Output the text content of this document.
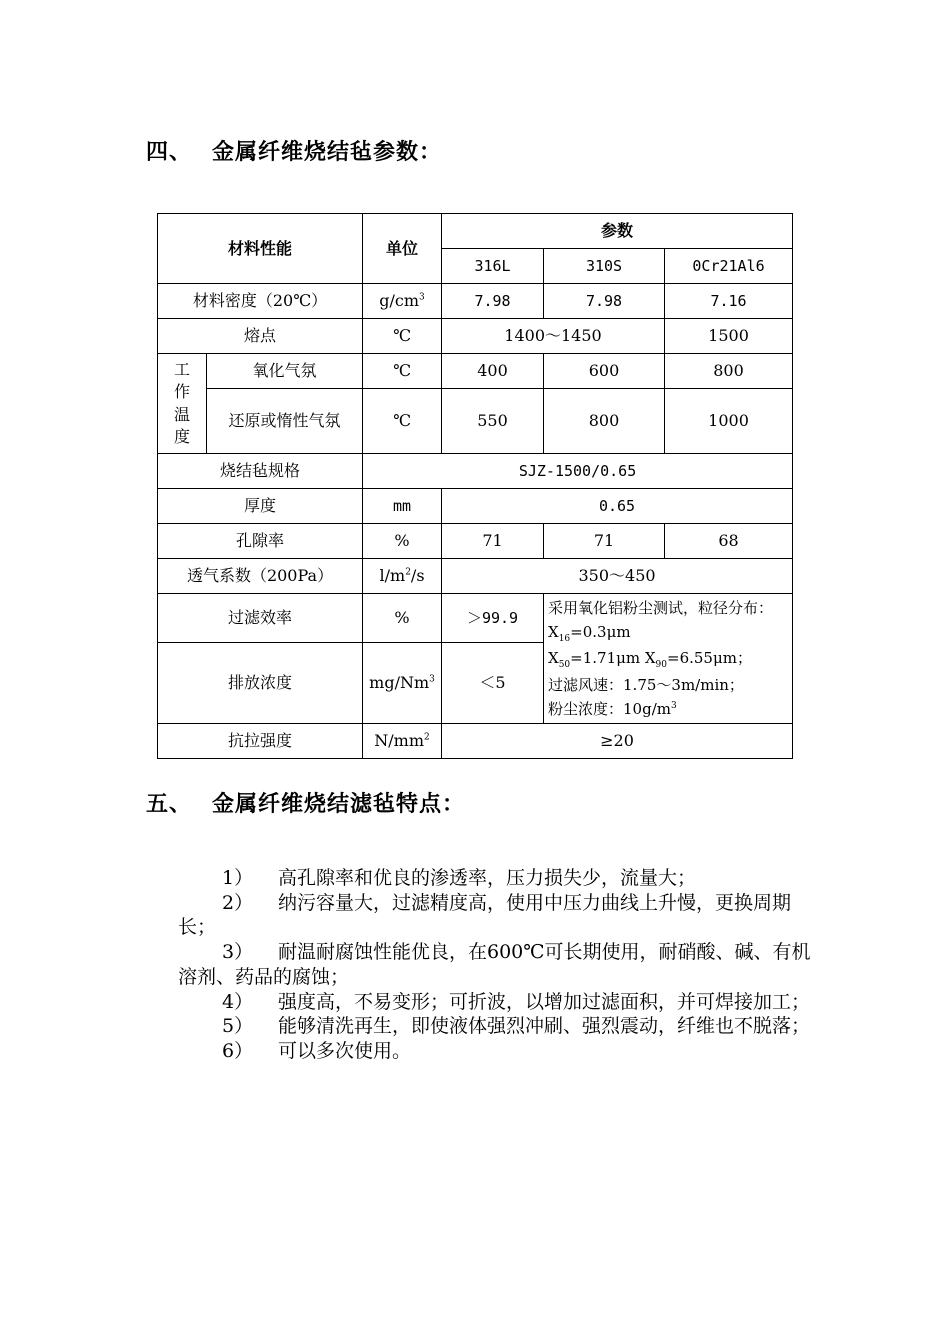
四、 金属纤维烧结毡参数：
材料性能		单位	参数		
			316L	310S	0Cr21Al6
材料密度（20℃）		$g/cm^3$	7.98	7.98	7.16
熔点		℃	1400～1450		1500

工
作
温
度	氧化气氛	℃	400	600	800
	还原或惰性气氛	℃	550	800	1000
烧结毡规格		SJZ-1500/0.65			
厚度		mm	0.65		
孔隙率		%	71	71	68
透气系数（200Pa）		$l/m^2/s$	350～450		
过滤效率		%	＞99.9	采用氧化铝粉尘测试，粒径分布：$X_{16}=0.3\mu m$
$X_{50}=1.71\mu m$ $X_{90}=6.55\mu m$；
过滤风速：1.75～3m/min；
粉尘浓度：$10g/m^3$
排放浓度		$mg/Nm^3$	＜5		
抗拉强度		$N/mm^2$	≥20		
五、 金属纤维烧结滤毡特点：
1） 高孔隙率和优良的渗透率，压力损失少，流量大；
2） 纳污容量大，过滤精度高，使用中压力曲线上升慢，更换周期长；
3） 耐温耐腐蚀性能优良，在600℃可长期使用，耐硝酸、碱、有机溶剂、药品的腐蚀；
4） 强度高，不易变形；可折波，以增加过滤面积，并可焊接加工；
5） 能够清洗再生，即使液体强烈冲刷、强烈震动，纤维也不脱落；
6） 可以多次使用。
